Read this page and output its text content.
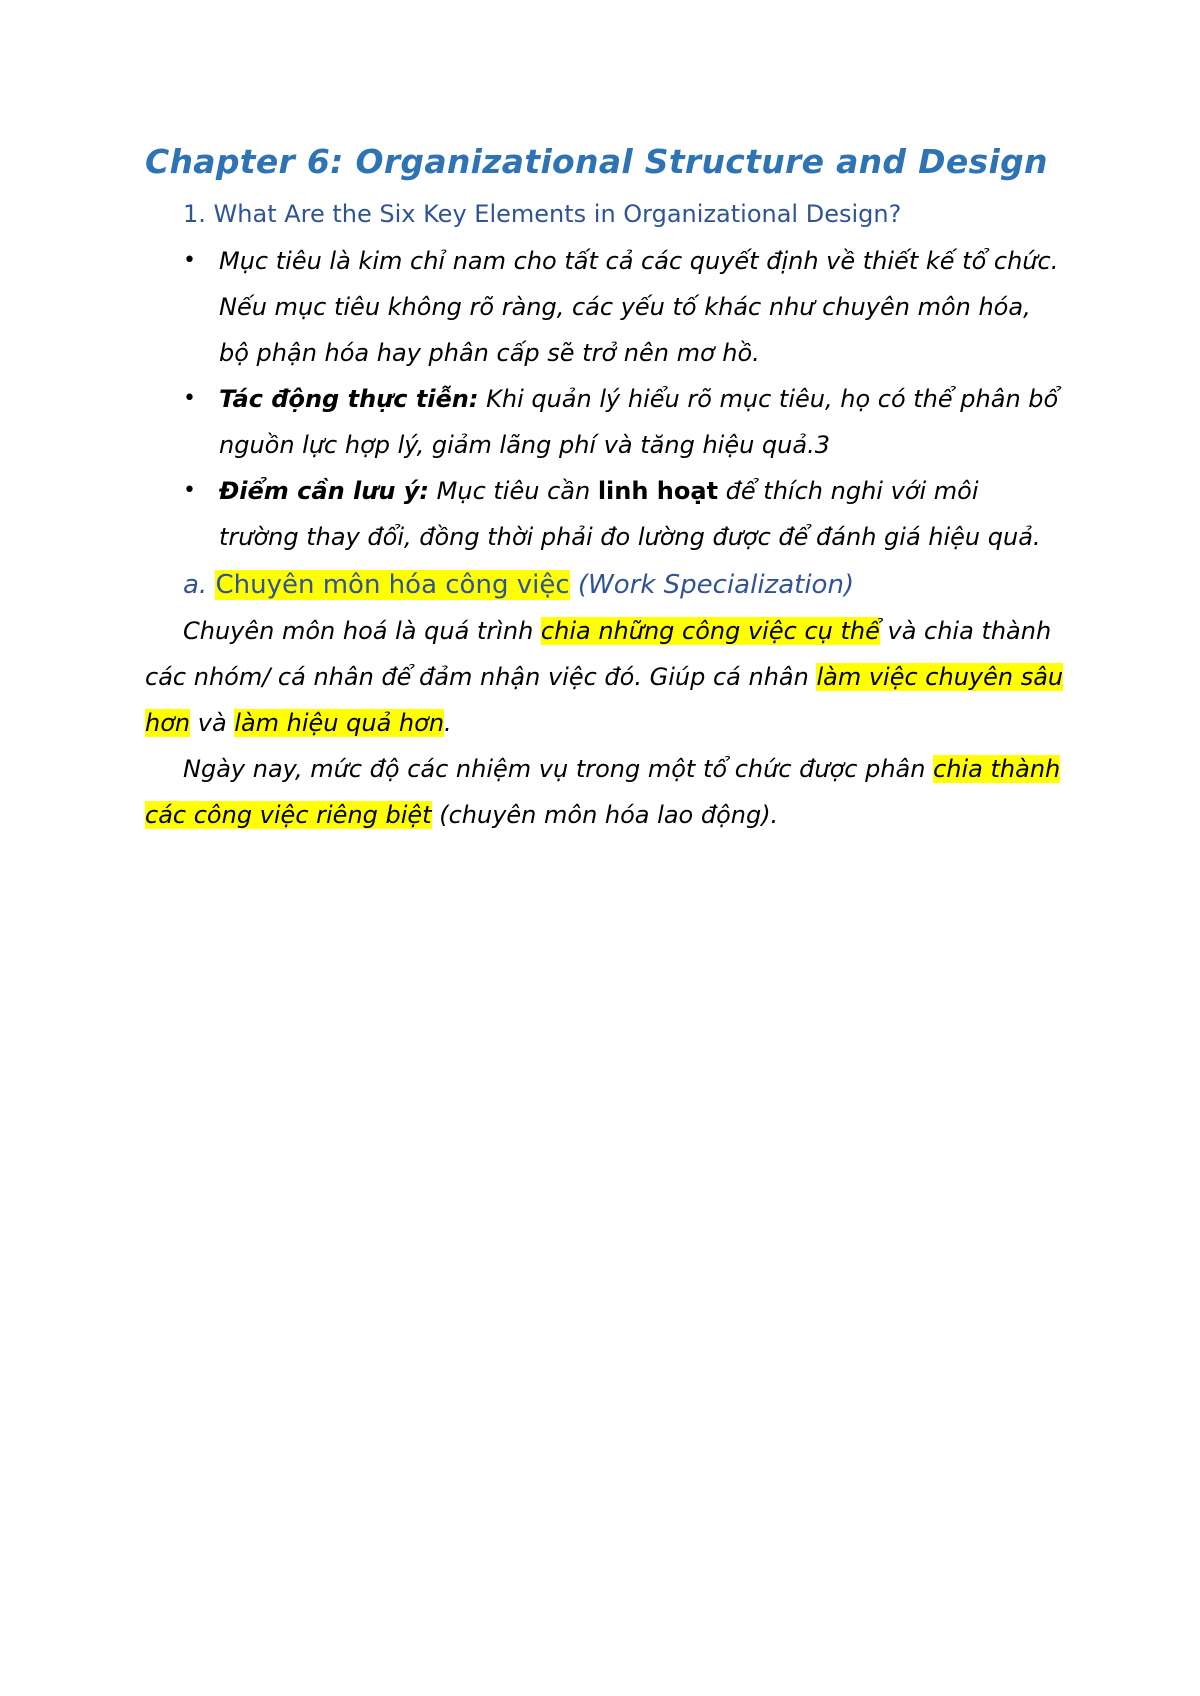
Chapter 6: Organizational Structure and Design
1. What Are the Six Key Elements in Organizational Design?
• Mục tiêu là kim chỉ nam cho tất cả các quyết định về thiết kế tổ chức. Nếu mục tiêu không rõ ràng, các yếu tố khác như chuyên môn hóa, bộ phận hóa hay phân cấp sẽ trở nên mơ hồ.
• Tác động thực tiễn: Khi quản lý hiểu rõ mục tiêu, họ có thể phân bổ nguồn lực hợp lý, giảm lãng phí và tăng hiệu quả.3
• Điểm cần lưu ý: Mục tiêu cần linh hoạt để thích nghi với môi trường thay đổi, đồng thời phải đo lường được để đánh giá hiệu quả.
a. Chuyên môn hóa công việc (Work Specialization)

Chuyên môn hoá là quá trình chia những công việc cụ thể và chia thành các nhóm/ cá nhân để đảm nhận việc đó. Giúp cá nhân làm việc chuyên sâu hơn và làm hiệu quả hơn.

Ngày nay, mức độ các nhiệm vụ trong một tổ chức được phân chia thành các công việc riêng biệt (chuyên môn hóa lao động).
